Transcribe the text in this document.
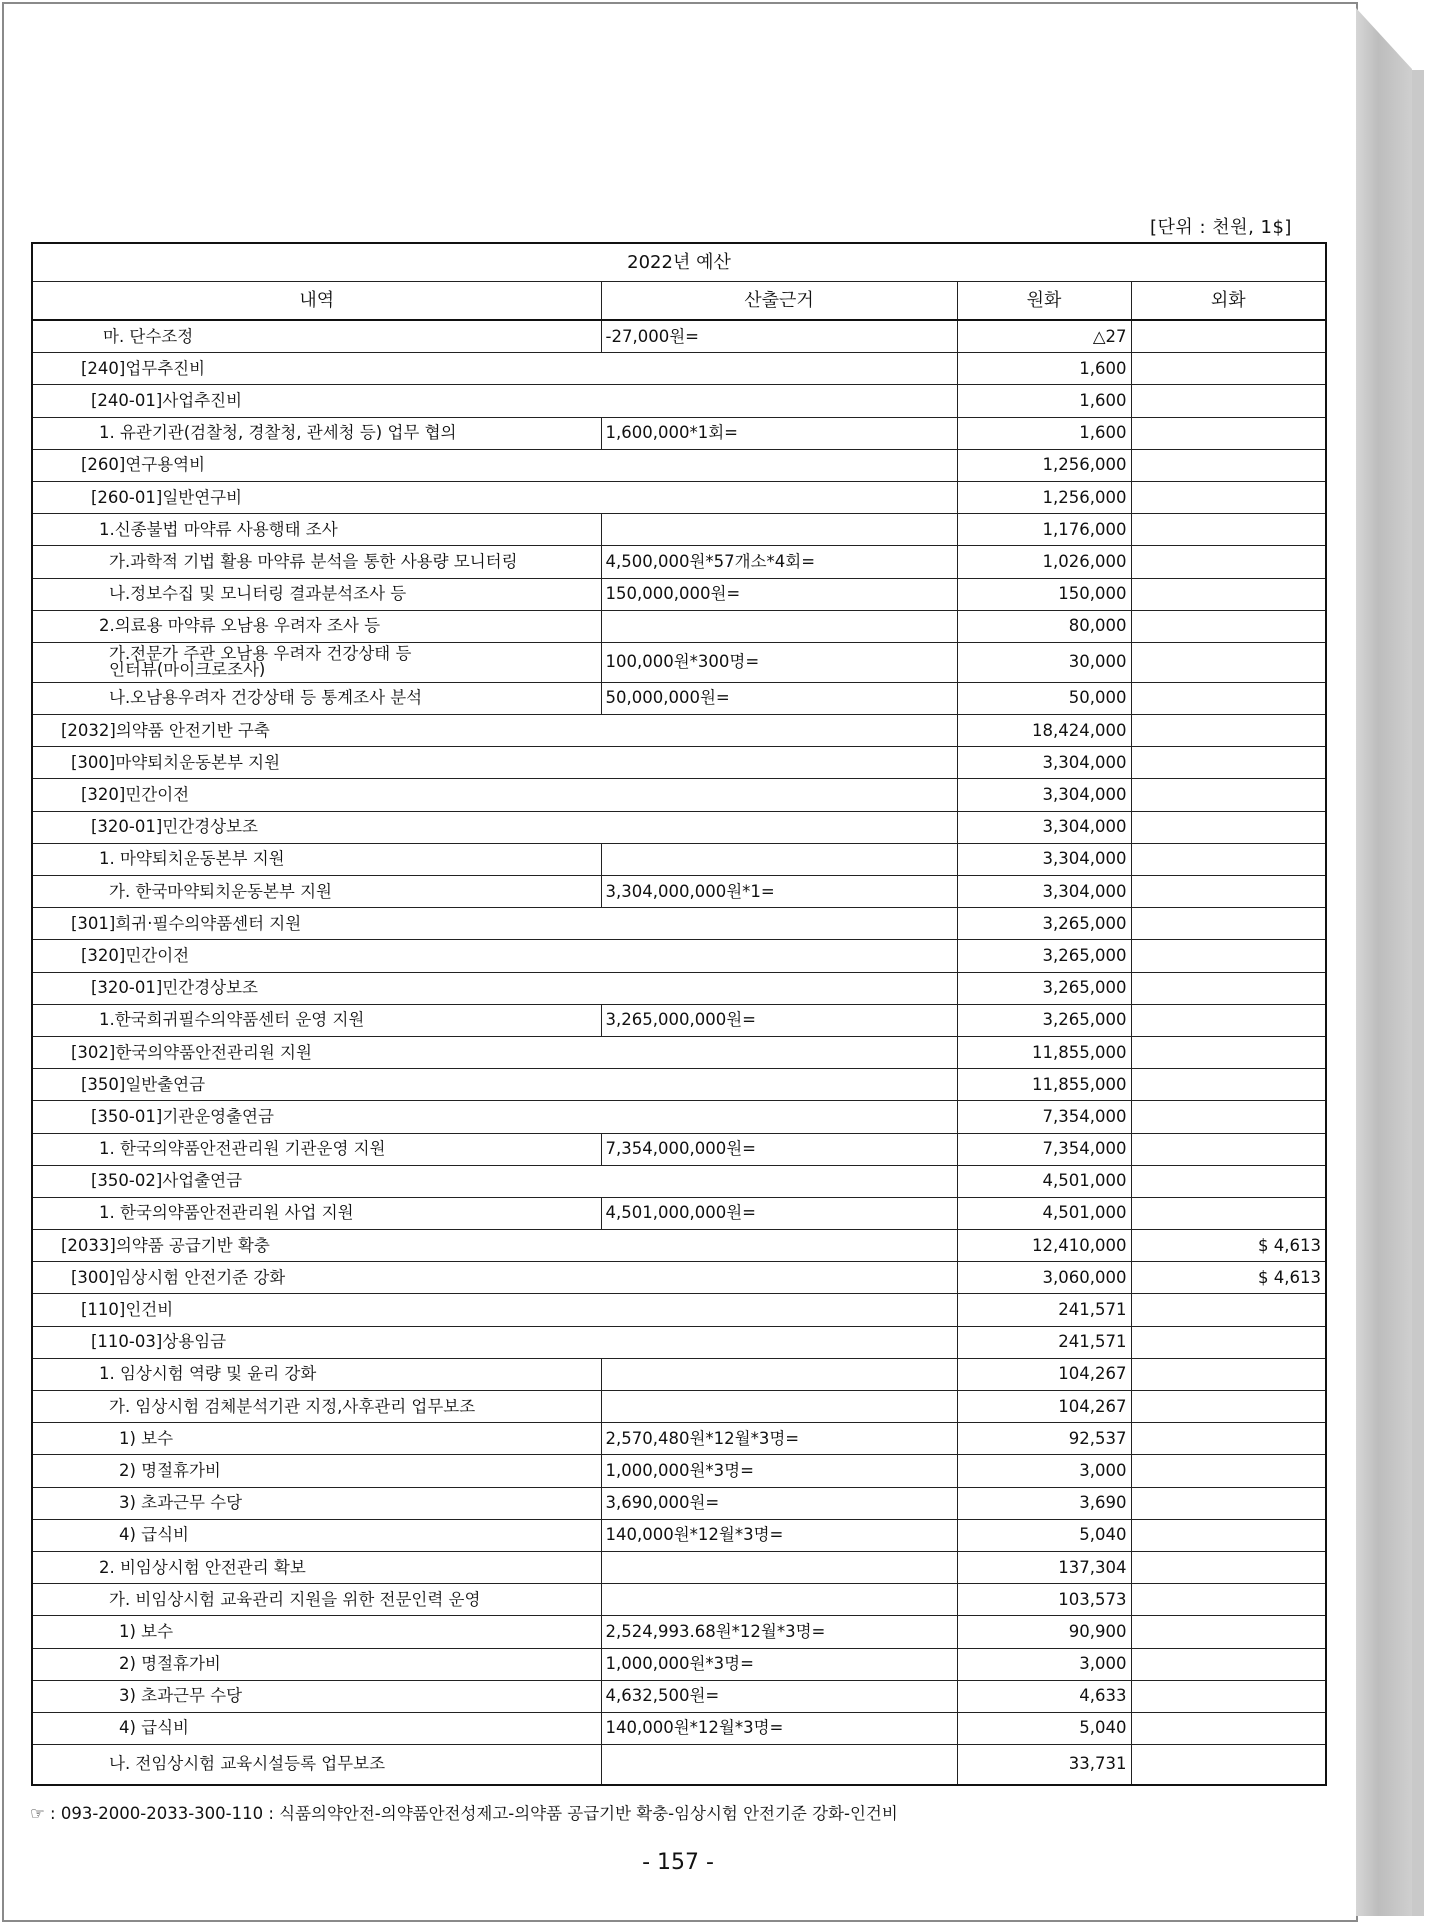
[단위 : 천원, 1$]
2022년 예산			
내역	산출근거	원화	외화
마. 단수조정	-27,000원=	△27	
[240]업무추진비		1,600	
[240-01]사업추진비		1,600	
1. 유관기관(검찰청, 경찰청, 관세청 등) 업무 협의	1,600,000*1회=	1,600	
[260]연구용역비		1,256,000	
[260-01]일반연구비		1,256,000	
1.신종불법 마약류 사용행태 조사		1,176,000	
가.과학적 기법 활용 마약류 분석을 통한 사용량 모니터링	4,500,000원*57개소*4회=	1,026,000	
나.정보수집 및 모니터링 결과분석조사 등	150,000,000원=	150,000	
2.의료용 마약류 오남용 우려자 조사 등		80,000	
가.전문가 주관 오남용 우려자 건강상태 등
인터뷰(마이크로조사)	100,000원*300명=	30,000	
나.오남용우려자 건강상태 등 통계조사 분석	50,000,000원=	50,000	
[2032]의약품 안전기반 구축		18,424,000	
[300]마약퇴치운동본부 지원		3,304,000	
[320]민간이전		3,304,000	
[320-01]민간경상보조		3,304,000	
1. 마약퇴치운동본부 지원		3,304,000	
가. 한국마약퇴치운동본부 지원	3,304,000,000원*1=	3,304,000	
[301]희귀·필수의약품센터 지원		3,265,000	
[320]민간이전		3,265,000	
[320-01]민간경상보조		3,265,000	
1.한국희귀필수의약품센터 운영 지원	3,265,000,000원=	3,265,000	
[302]한국의약품안전관리원 지원		11,855,000	
[350]일반출연금		11,855,000	
[350-01]기관운영출연금		7,354,000	
1. 한국의약품안전관리원 기관운영 지원	7,354,000,000원=	7,354,000	
[350-02]사업출연금		4,501,000	
1. 한국의약품안전관리원 사업 지원	4,501,000,000원=	4,501,000	
[2033]의약품 공급기반 확충		12,410,000	$ 4,613
[300]임상시험 안전기준 강화		3,060,000	$ 4,613
[110]인건비		241,571	
[110-03]상용임금		241,571	
1. 임상시험 역량 및 윤리 강화		104,267	
가. 임상시험 검체분석기관 지정,사후관리 업무보조		104,267	
1) 보수	2,570,480원*12월*3명=	92,537	
2) 명절휴가비	1,000,000원*3명=	3,000	
3) 초과근무 수당	3,690,000원=	3,690	
4) 급식비	140,000원*12월*3명=	5,040	
2. 비임상시험 안전관리 확보		137,304	
가. 비임상시험 교육관리 지원을 위한 전문인력 운영		103,573	
1) 보수	2,524,993.68원*12월*3명=	90,900	
2) 명절휴가비	1,000,000원*3명=	3,000	
3) 초과근무 수당	4,632,500원=	4,633	
4) 급식비	140,000원*12월*3명=	5,040	
나. 전임상시험 교육시설등록 업무보조		33,731	
☞ : 093-2000-2033-300-110 : 식품의약안전-의약품안전성제고-의약품 공급기반 확충-임상시험 안전기준 강화-인건비
- 157 -
